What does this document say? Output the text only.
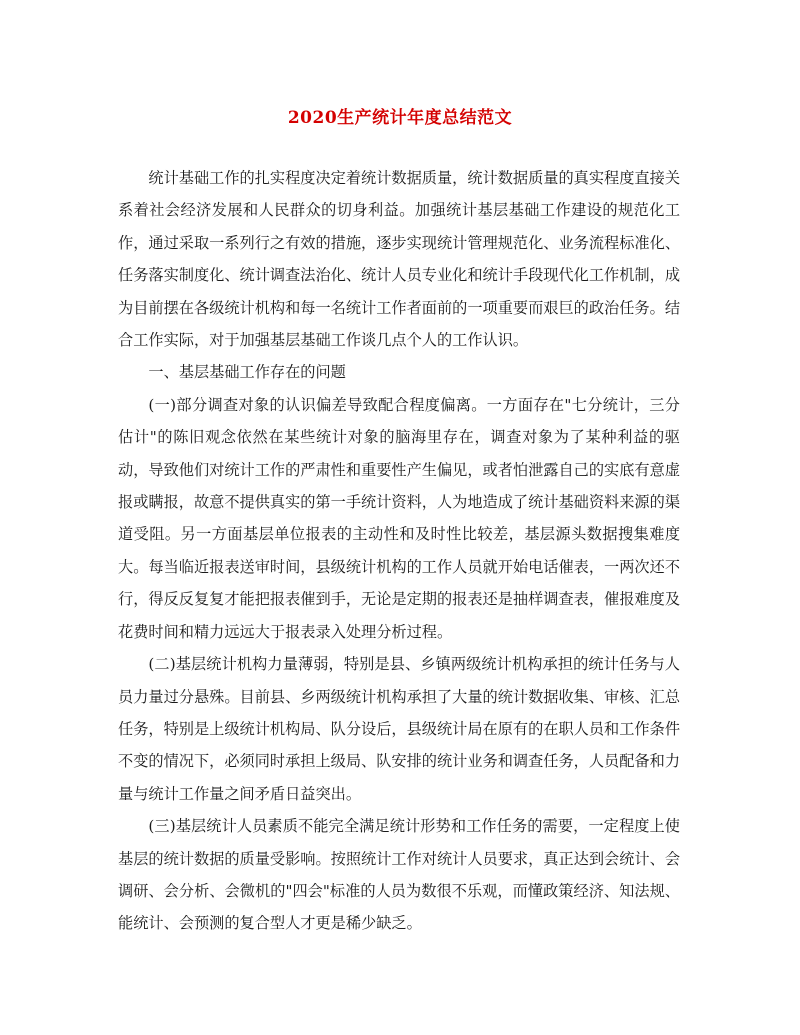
2020生产统计年度总结范文

统计基础工作的扎实程度决定着统计数据质量，统计数据质量的真实程度直接关系着社会经济发展和人民群众的切身利益。加强统计基层基础工作建设的规范化工作，通过采取一系列行之有效的措施，逐步实现统计管理规范化、业务流程标准化、任务落实制度化、统计调查法治化、统计人员专业化和统计手段现代化工作机制，成为目前摆在各级统计机构和每一名统计工作者面前的一项重要而艰巨的政治任务。结合工作实际，对于加强基层基础工作谈几点个人的工作认识。

一、基层基础工作存在的问题

(一)部分调查对象的认识偏差导致配合程度偏离。一方面存在"七分统计，三分估计"的陈旧观念依然在某些统计对象的脑海里存在，调查对象为了某种利益的驱动，导致他们对统计工作的严肃性和重要性产生偏见，或者怕泄露自己的实底有意虚报或瞒报，故意不提供真实的第一手统计资料，人为地造成了统计基础资料来源的渠道受阻。另一方面基层单位报表的主动性和及时性比较差，基层源头数据搜集难度大。每当临近报表送审时间，县级统计机构的工作人员就开始电话催表，一两次还不行，得反反复复才能把报表催到手，无论是定期的报表还是抽样调查表，催报难度及花费时间和精力远远大于报表录入处理分析过程。

(二)基层统计机构力量薄弱，特别是县、乡镇两级统计机构承担的统计任务与人员力量过分悬殊。目前县、乡两级统计机构承担了大量的统计数据收集、审核、汇总任务，特别是上级统计机构局、队分设后，县级统计局在原有的在职人员和工作条件不变的情况下，必须同时承担上级局、队安排的统计业务和调查任务，人员配备和力量与统计工作量之间矛盾日益突出。

(三)基层统计人员素质不能完全满足统计形势和工作任务的需要，一定程度上使基层的统计数据的质量受影响。按照统计工作对统计人员要求，真正达到会统计、会调研、会分析、会微机的"四会"标准的人员为数很不乐观，而懂政策经济、知法规、能统计、会预测的复合型人才更是稀少缺乏。
